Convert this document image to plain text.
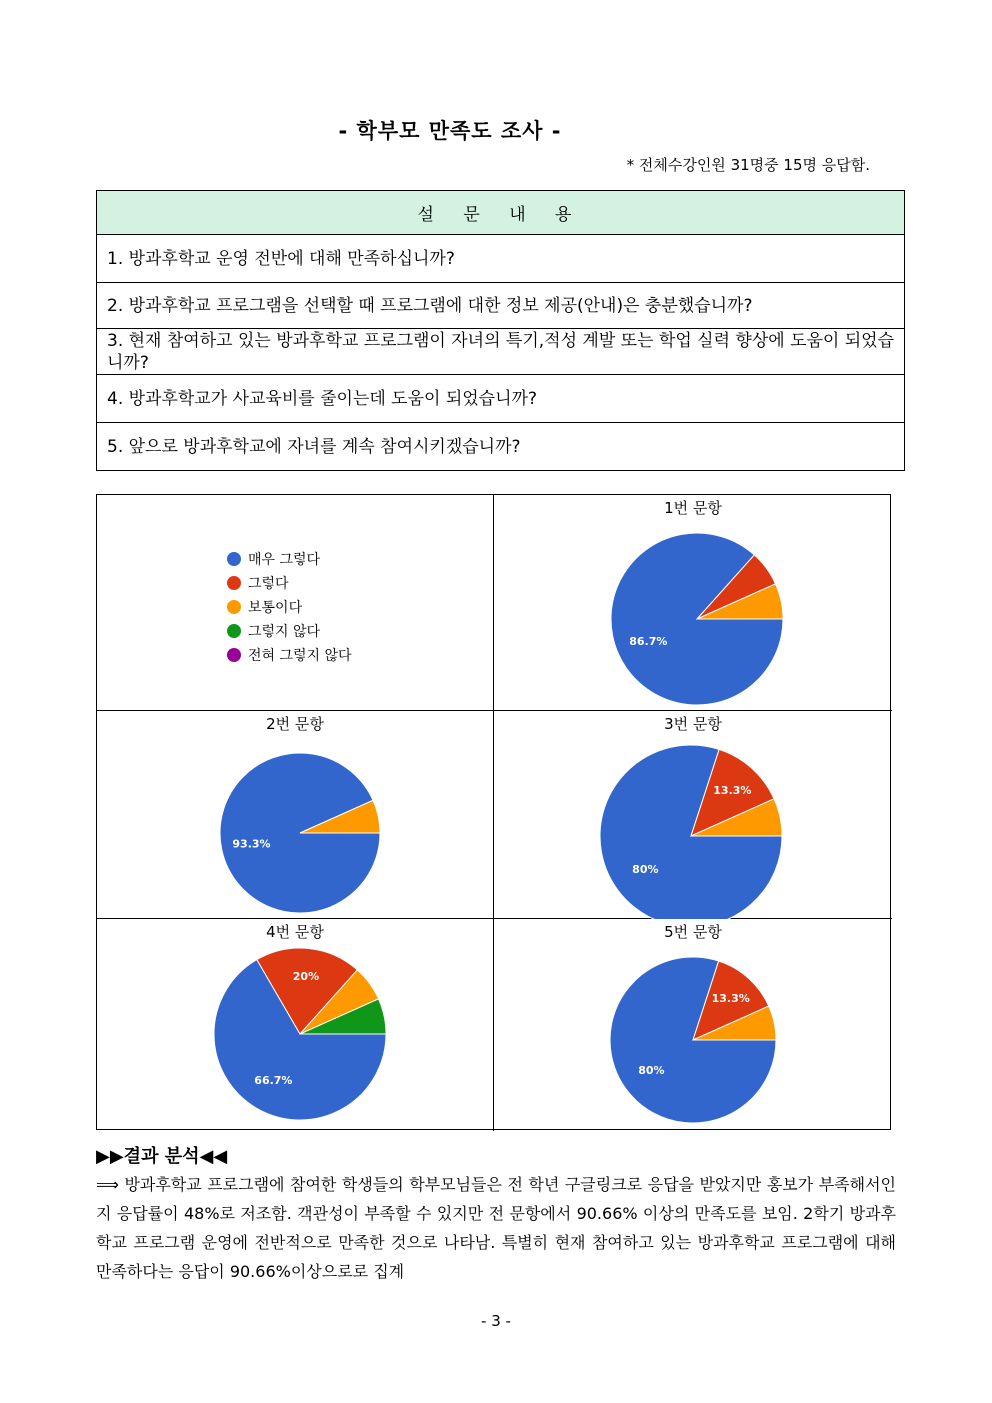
- 학부모 만족도 조사 -
* 전체수강인원 31명중 15명 응답함.
설 문 내 용
1. 방과후학교 운영 전반에 대해 만족하십니까?
2. 방과후학교 프로그램을 선택할 때 프로그램에 대한 정보 제공(안내)은 충분했습니까?
3. 현재 참여하고 있는 방과후학교 프로그램이 자녀의 특기,적성 계발 또는 학업 실력 향상에 도움이 되었습니까?
4. 방과후학교가 사교육비를 줄이는데 도움이 되었습니까?
5. 앞으로 방과후학교에 자녀를 계속 참여시키겠습니까?
매우 그렇다
그렇다
보통이다
그렇지 않다
전혀 그렇지 않다
1번 문항
86.7%
2번 문항
93.3%
3번 문항
80%
13.3%
4번 문항
66.7%
20%
5번 문항
80%
13.3%
▶▶결과 분석◀◀
⟹ 방과후학교 프로그램에 참여한 학생들의 학부모님들은 전 학년 구글링크로 응답을 받았지만 홍보가 부족해서인지 응답률이 48%로 저조함. 객관성이 부족할 수 있지만 전 문항에서 90.66% 이상의 만족도를 보임. 2학기 방과후학교 프로그램 운영에 전반적으로 만족한 것으로 나타남. 특별히 현재 참여하고 있는 방과후학교 프로그램에 대해 만족하다는 응답이 90.66%이상으로로 집계
- 3 -
